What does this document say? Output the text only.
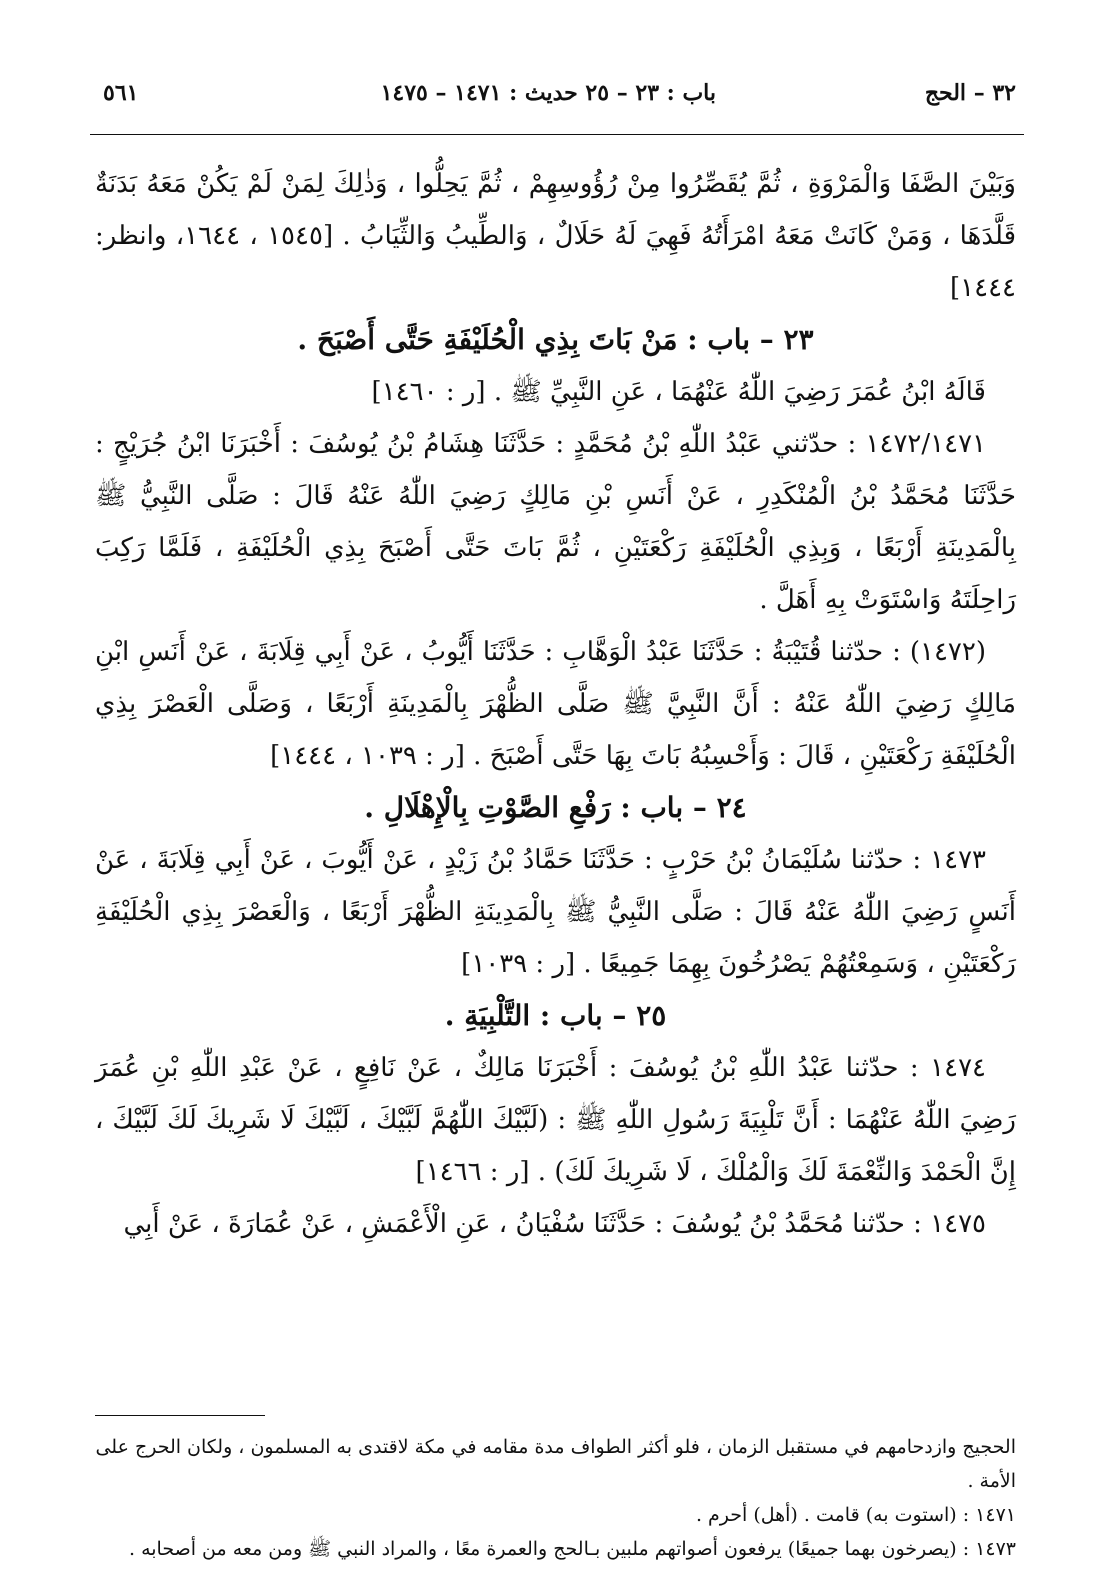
٣٢ – الحج
باب : ٢٣ – ٢٥ حديث : ١٤٧١ – ١٤٧٥
٥٦١

وَبَيْنَ الصَّفَا وَالْمَرْوَةِ ، ثُمَّ يُقَصِّرُوا مِنْ رُؤُوسِهِمْ ، ثُمَّ يَحِلُّوا ، وَذٰلِكَ لِمَنْ لَمْ يَكُنْ مَعَهُ بَدَنَةٌ قَلَّدَهَا ، وَمَنْ كَانَتْ مَعَهُ امْرَأَتُهُ فَهِيَ لَهُ حَلَالٌ ، وَالطِّيبُ وَالثِّيَابُ . [١٥٤٥ ، ١٦٤٤، وانظر: ١٤٤٤]

٢٣ – باب : مَنْ بَاتَ بِذِي الْحُلَيْفَةِ حَتَّى أَصْبَحَ .

قَالَهُ ابْنُ عُمَرَ رَضِيَ اللّٰهُ عَنْهُمَا ، عَنِ النَّبِيِّ ﷺ . [ر : ١٤٦٠]

١٤٧٢/١٤٧١ : حدّثني عَبْدُ اللّٰهِ بْنُ مُحَمَّدٍ : حَدَّثَنَا هِشَامُ بْنُ يُوسُفَ : أَخْبَرَنَا ابْنُ جُرَيْجٍ : حَدَّثَنَا مُحَمَّدُ بْنُ الْمُنْكَدِرِ ، عَنْ أَنَسِ بْنِ مَالِكٍ رَضِيَ اللّٰهُ عَنْهُ قَالَ : صَلَّى النَّبِيُّ ﷺ بِالْمَدِينَةِ أَرْبَعًا ، وَبِذِي الْحُلَيْفَةِ رَكْعَتَيْنِ ، ثُمَّ بَاتَ حَتَّى أَصْبَحَ بِذِي الْحُلَيْفَةِ ، فَلَمَّا رَكِبَ رَاحِلَتَهُ وَاسْتَوَتْ بِهِ أَهَلَّ .

(١٤٧٢) : حدّثنا قُتَيْبَةُ : حَدَّثَنَا عَبْدُ الْوَهَّابِ : حَدَّثَنَا أَيُّوبُ ، عَنْ أَبِي قِلَابَةَ ، عَنْ أَنَسِ ابْنِ مَالِكٍ رَضِيَ اللّٰهُ عَنْهُ : أَنَّ النَّبِيَّ ﷺ صَلَّى الظُّهْرَ بِالْمَدِينَةِ أَرْبَعًا ، وَصَلَّى الْعَصْرَ بِذِي الْحُلَيْفَةِ رَكْعَتَيْنِ ، قَالَ : وَأَحْسِبُهُ بَاتَ بِهَا حَتَّى أَصْبَحَ . [ر : ١٠٣٩ ، ١٤٤٤]

٢٤ – باب : رَفْعِ الصَّوْتِ بِالْإِهْلَالِ .

١٤٧٣ : حدّثنا سُلَيْمَانُ بْنُ حَرْبٍ : حَدَّثَنَا حَمَّادُ بْنُ زَيْدٍ ، عَنْ أَيُّوبَ ، عَنْ أَبِي قِلَابَةَ ، عَنْ أَنَسٍ رَضِيَ اللّٰهُ عَنْهُ قَالَ : صَلَّى النَّبِيُّ ﷺ بِالْمَدِينَةِ الظُّهْرَ أَرْبَعًا ، وَالْعَصْرَ بِذِي الْحُلَيْفَةِ رَكْعَتَيْنِ ، وَسَمِعْتُهُمْ يَصْرُخُونَ بِهِمَا جَمِيعًا . [ر : ١٠٣٩]

٢٥ – باب : التَّلْبِيَةِ .

١٤٧٤ : حدّثنا عَبْدُ اللّٰهِ بْنُ يُوسُفَ : أَخْبَرَنَا مَالِكٌ ، عَنْ نَافِعٍ ، عَنْ عَبْدِ اللّٰهِ بْنِ عُمَرَ رَضِيَ اللّٰهُ عَنْهُمَا : أَنَّ تَلْبِيَةَ رَسُولِ اللّٰهِ ﷺ : (لَبَّيْكَ اللّٰهُمَّ لَبَّيْكَ ، لَبَّيْكَ لَا شَرِيكَ لَكَ لَبَّيْكَ ، إِنَّ الْحَمْدَ وَالنِّعْمَةَ لَكَ وَالْمُلْكَ ، لَا شَرِيكَ لَكَ) . [ر : ١٤٦٦]

١٤٧٥ : حدّثنا مُحَمَّدُ بْنُ يُوسُفَ : حَدَّثَنَا سُفْيَانُ ، عَنِ الْأَعْمَشِ ، عَنْ عُمَارَةَ ، عَنْ أَبِي

الحجيج وازدحامهم في مستقبل الزمان ، فلو أكثر الطواف مدة مقامه في مكة لاقتدى به المسلمون ، ولكان الحرج على الأمة .

١٤٧١ : (استوت به) قامت . (أهل) أحرم .

١٤٧٣ : (يصرخون بهما جميعًا) يرفعون أصواتهم ملبين بـالحج والعمرة معًا ، والمراد النبي ﷺ ومن معه من أصحابه .
